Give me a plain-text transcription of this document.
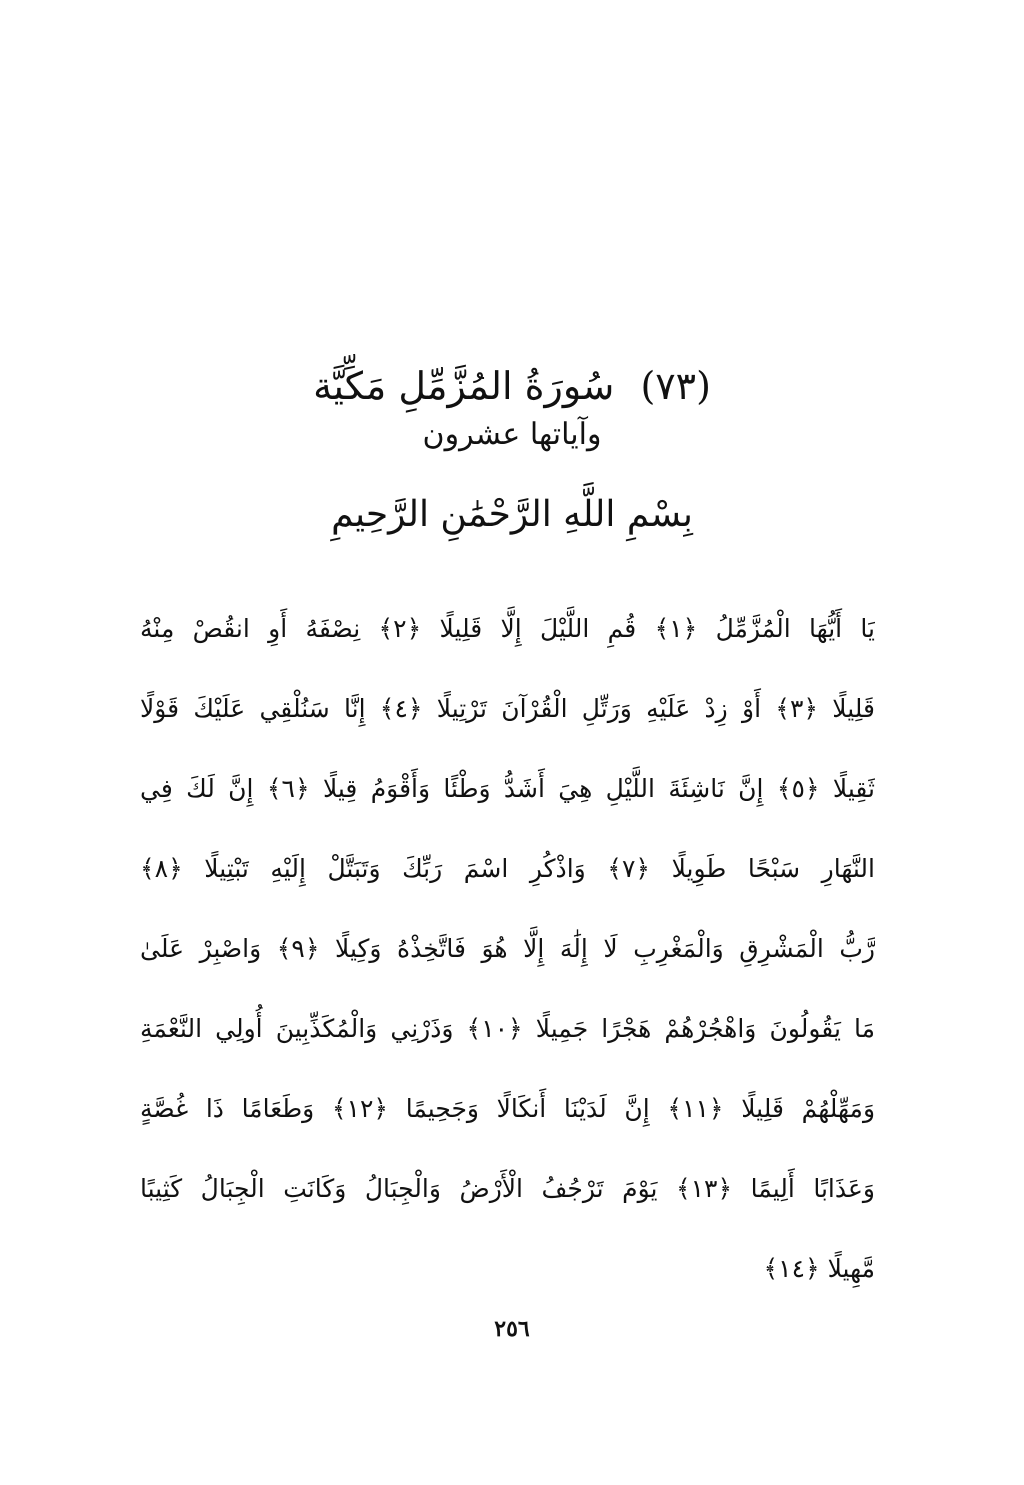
(٧٣) سُورَةُ المُزَّمِّلِ مَكِّيَّة
وآياتها عشرون
بِسْمِ اللَّهِ الرَّحْمَٰنِ الرَّحِيمِ
يَا أَيُّهَا الْمُزَّمِّلُ ﴿١﴾ قُمِ اللَّيْلَ إِلَّا قَلِيلًا ﴿٢﴾ نِصْفَهُ أَوِ انقُصْ مِنْهُ
قَلِيلًا ﴿٣﴾ أَوْ زِدْ عَلَيْهِ وَرَتِّلِ الْقُرْآنَ تَرْتِيلًا ﴿٤﴾ إِنَّا سَنُلْقِي عَلَيْكَ قَوْلًا
ثَقِيلًا ﴿٥﴾ إِنَّ نَاشِئَةَ اللَّيْلِ هِيَ أَشَدُّ وَطْئًا وَأَقْوَمُ قِيلًا ﴿٦﴾ إِنَّ لَكَ فِي
النَّهَارِ سَبْحًا طَوِيلًا ﴿٧﴾ وَاذْكُرِ اسْمَ رَبِّكَ وَتَبَتَّلْ إِلَيْهِ تَبْتِيلًا ﴿٨﴾
رَّبُّ الْمَشْرِقِ وَالْمَغْرِبِ لَا إِلَٰهَ إِلَّا هُوَ فَاتَّخِذْهُ وَكِيلًا ﴿٩﴾ وَاصْبِرْ عَلَىٰ
مَا يَقُولُونَ وَاهْجُرْهُمْ هَجْرًا جَمِيلًا ﴿١٠﴾ وَذَرْنِي وَالْمُكَذِّبِينَ أُولِي النَّعْمَةِ
وَمَهِّلْهُمْ قَلِيلًا ﴿١١﴾ إِنَّ لَدَيْنَا أَنكَالًا وَجَحِيمًا ﴿١٢﴾ وَطَعَامًا ذَا غُصَّةٍ
وَعَذَابًا أَلِيمًا ﴿١٣﴾ يَوْمَ تَرْجُفُ الْأَرْضُ وَالْجِبَالُ وَكَانَتِ الْجِبَالُ كَثِيبًا
مَّهِيلًا ﴿١٤﴾
٢٥٦
